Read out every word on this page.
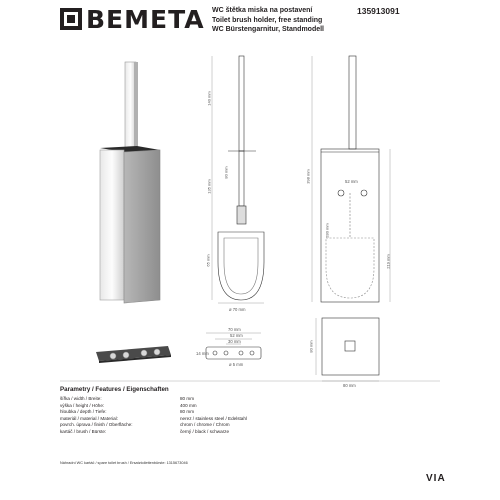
BEMETA WC štětka miska na postavení
Toilet brush holder, free standing
WC Bürstengarnitur, Standmodell
135913091
ø 70 mm
52 mm
80 mm
70 mm
52 mm
30 mm
14 mm
ø 5 mm
140 mm
80 mm
135 mm
65 mm
398 mm
280 mm
219 mm
80 mm
Parametry / Features / Eigenschaften
šířka / width / Breite:	80 mm
výška / height / Höhe:	400 mm
hloubka / depth / Tiefe:	80 mm
materiál / material / Material:	nerez / stainless steel / Edelstahl
povrch. úprava / finish / Oberfläche:	chrom / chrome / Chrom
kartáč / brush / Bürste:	černý / black / schwarze
Náhradní WC kartáč / spare toilet brush / Ersatztoilettenbürste: 1315673046
VIA
